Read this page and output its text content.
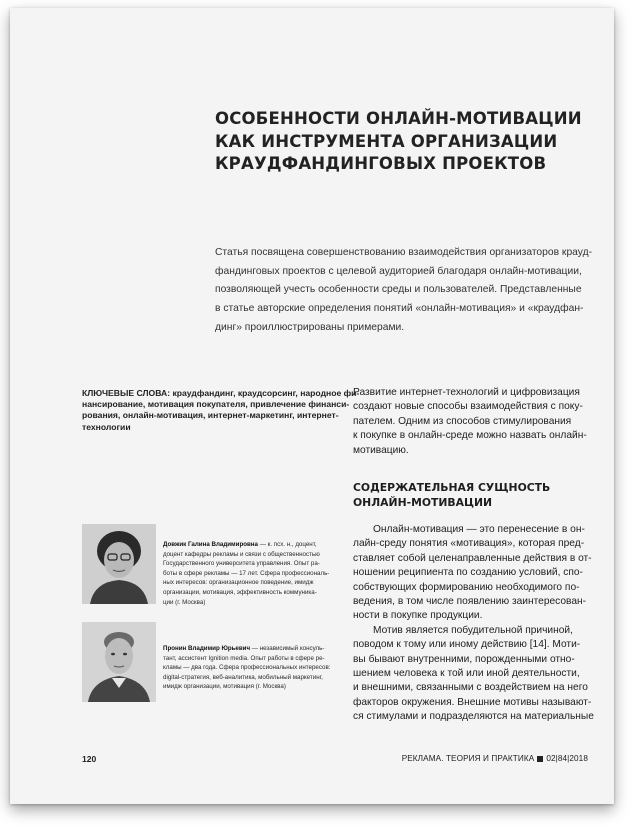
ОСОБЕННОСТИ ОНЛАЙН-МОТИВАЦИИ
КАК ИНСТРУМЕНТА ОРГАНИЗАЦИИ
КРАУДФАНДИНГОВЫХ ПРОЕКТОВ
Статья посвящена совершенствованию взаимодействия организаторов крауд-
фандинговых проектов с целевой аудиторией благодаря онлайн-мотивации,
позволяющей учесть особенности среды и пользователей. Представленные
в статье авторские определения понятий «онлайн-мотивация» и «краудфан-
динг» проиллюстрированы примерами.
КЛЮЧЕВЫЕ СЛОВА: краудфандинг, краудсорсинг, народное фи-
нансирование, мотивация покупателя, привлечение финанси-
рования, онлайн-мотивация, интернет-маркетинг, интернет-
технологии
Развитие интернет-технологий и цифровизация
создают новые способы взаимодействия с поку-
пателем. Одним из способов стимулирования
к покупке в онлайн-среде можно назвать онлайн-
мотивацию.
СОДЕРЖАТЕЛЬНАЯ СУЩНОСТЬ
ОНЛАЙН-МОТИВАЦИИ
Онлайн-мотивация — это перенесение в он-
лайн-среду понятия «мотивация», которая пред-
ставляет собой целенаправленные действия в от-
ношении реципиента по созданию условий, спо-
собствующих формированию необходимого по-
ведения, в том числе появлению заинтересован-
ности в покупке продукции.
Мотив является побудительной причиной,
поводом к тому или иному действию [14]. Моти-
вы бывают внутренними, порожденными отно-
шением человека к той или иной деятельности,
и внешними, связанными с воздействием на него
факторов окружения. Внешние мотивы называют-
ся стимулами и подразделяются на материальные
Довжик Галина Владимировна — к. псх. н., доцент,
доцент кафедры рекламы и связи с общественностью
Государственного университета управления. Опыт ра-
боты в сфере рекламы — 17 лет. Сфера профессиональ-
ных интересов: организационное поведение, имидж
организации, мотивация, эффективность коммуника-
ции (г. Москва)
Пронин Владимир Юрьевич — независимый консуль-
тант, ассистент Ignition media. Опыт работы в сфере ре-
кламы — два года. Сфера профессиональных интересов:
digital-стратегия, веб-аналитика, мобильный маркетинг,
имидж организации, мотивация (г. Москва)
120	РЕКЛАМА. ТЕОРИЯ И ПРАКТИКА 02|84|2018
